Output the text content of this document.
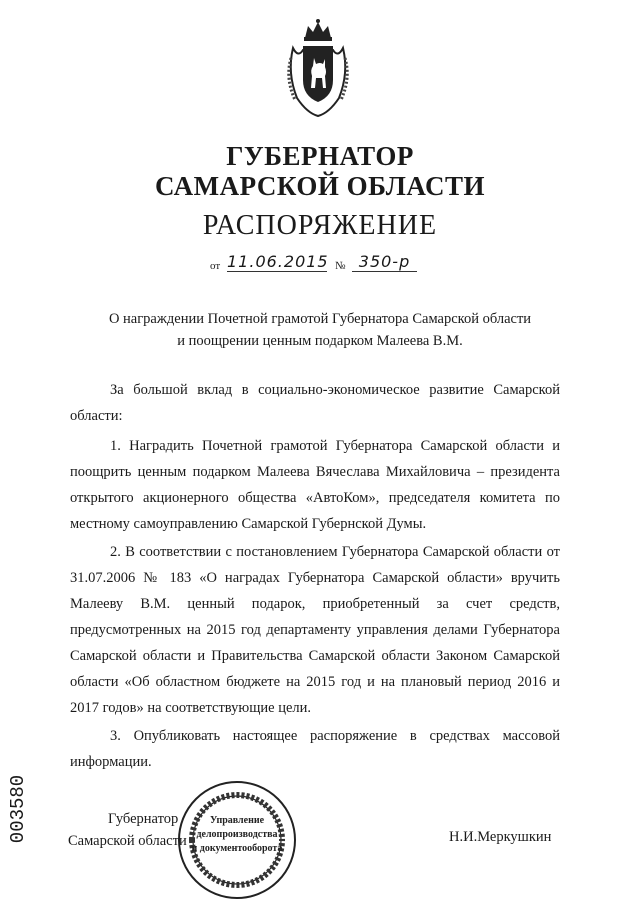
ГУБЕРНАТОР
САМАРСКОЙ ОБЛАСТИ
РАСПОРЯЖЕНИЕ
от 11.06.2015 № 350-р
О награждении Почетной грамотой Губернатора Самарской области
и поощрении ценным подарком Малеева В.М.

За большой вклад в социально-экономическое развитие Самарской области:

1. Наградить Почетной грамотой Губернатора Самарской области и поощрить ценным подарком Малеева Вячеслава Михайловича – президента открытого акционерного общества «АвтоКом», председателя комитета по местному самоуправлению Самарской Губернской Думы.

2. В соответствии с постановлением Губернатора Самарской области от 31.07.2006 № 183 «О наградах Губернатора Самарской области» вручить Малееву В.М. ценный подарок, приобретенный за счет средств, предусмотренных на 2015 год департаменту управления делами Губернатора Самарской области и Правительства Самарской области Законом Самарской области «Об областном бюджете на 2015 год и на плановый период 2016 и 2017 годов» на соответствующие цели.

3. Опубликовать настоящее распоряжение в средствах массовой информации.

003580	Губернатор
Самарской области
Управление
делопроизводства
и документооборота
Н.И.Меркушкин
